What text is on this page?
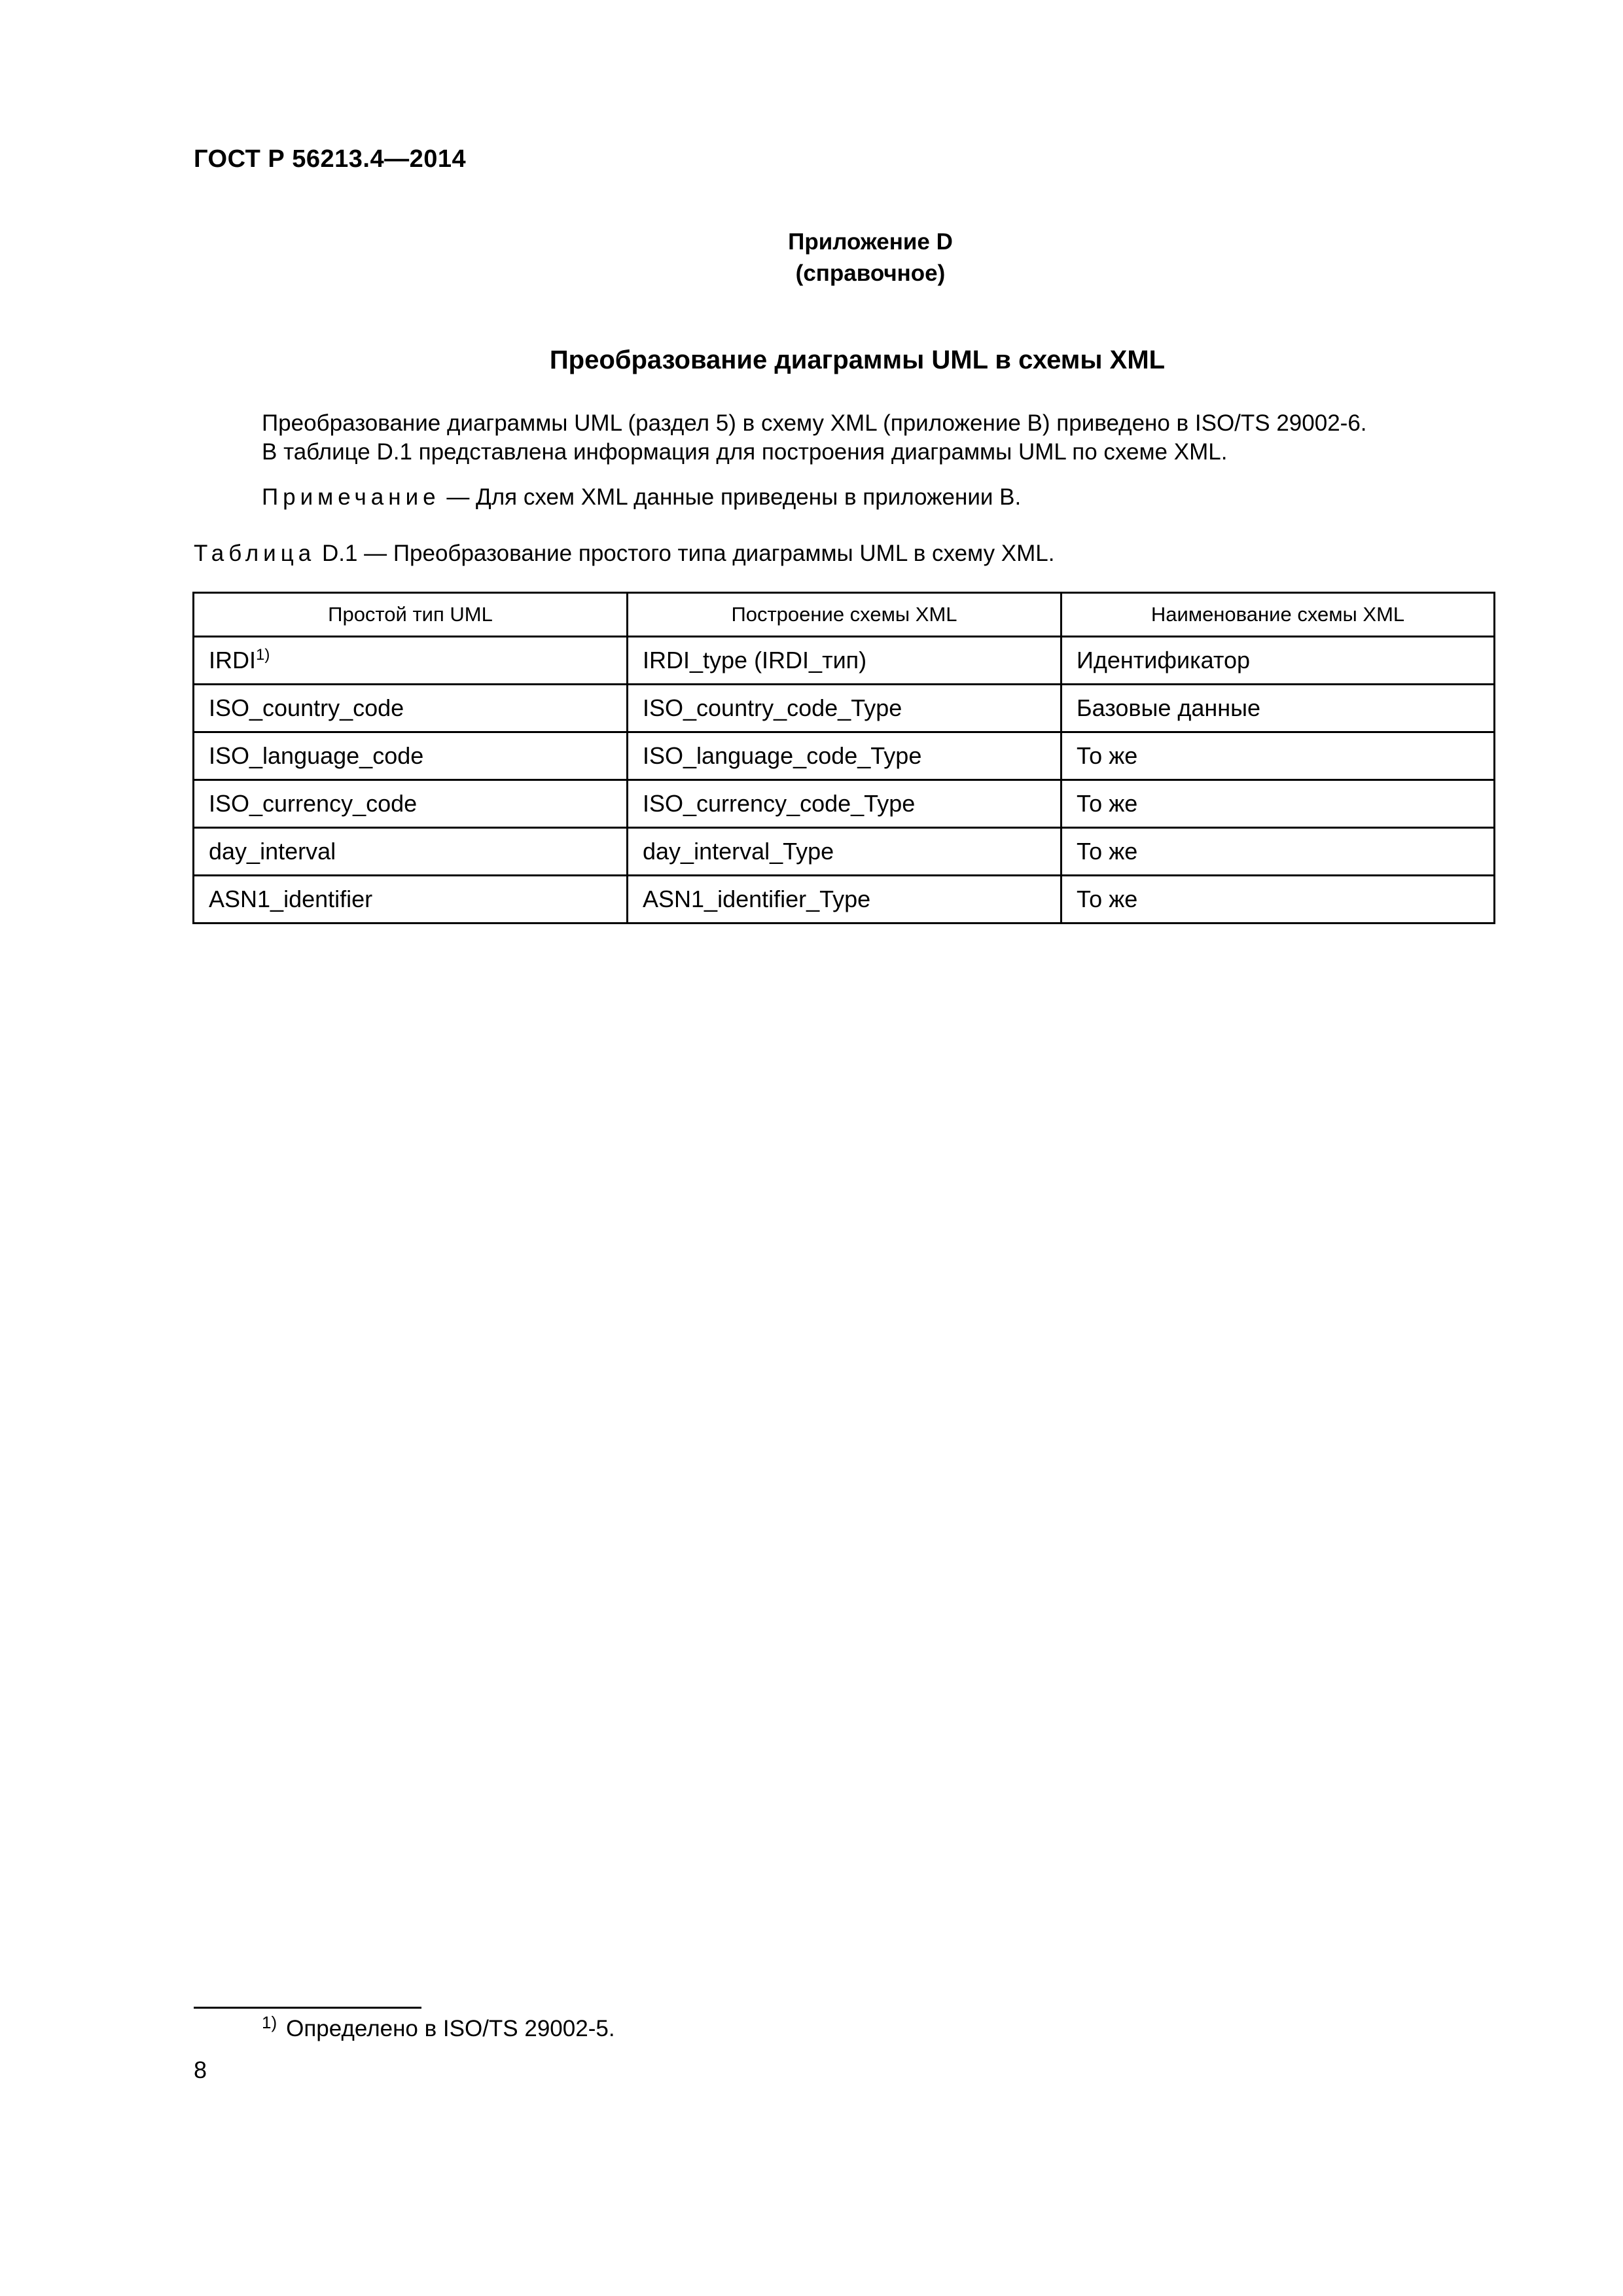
ГОСТ Р 56213.4—2014
Приложение D
(справочное)
Преобразование диаграммы UML в схемы XML
Преобразование диаграммы UML (раздел 5) в схему XML (приложение B) приведено в ISO/TS 29002-6.
В таблице D.1 представлена информация для построения диаграммы UML по схеме XML.
Примечание — Для схем XML данные приведены в приложении B.
Таблица D.1 — Преобразование простого типа диаграммы UML в схему XML.
Простой тип UML	Построение схемы XML	Наименование схемы XML
IRDI$^{1)}$	IRDI_type (IRDI_тип)	Идентификатор
ISO_country_code	ISO_country_code_Type	Базовые данные
ISO_language_code	ISO_language_code_Type	То же
ISO_currency_code	ISO_currency_code_Type	То же
day_interval	day_interval_Type	То же
ASN1_identifier	ASN1_identifier_Type	То же
$^{1)}$ Определено в ISO/TS 29002-5.
8
